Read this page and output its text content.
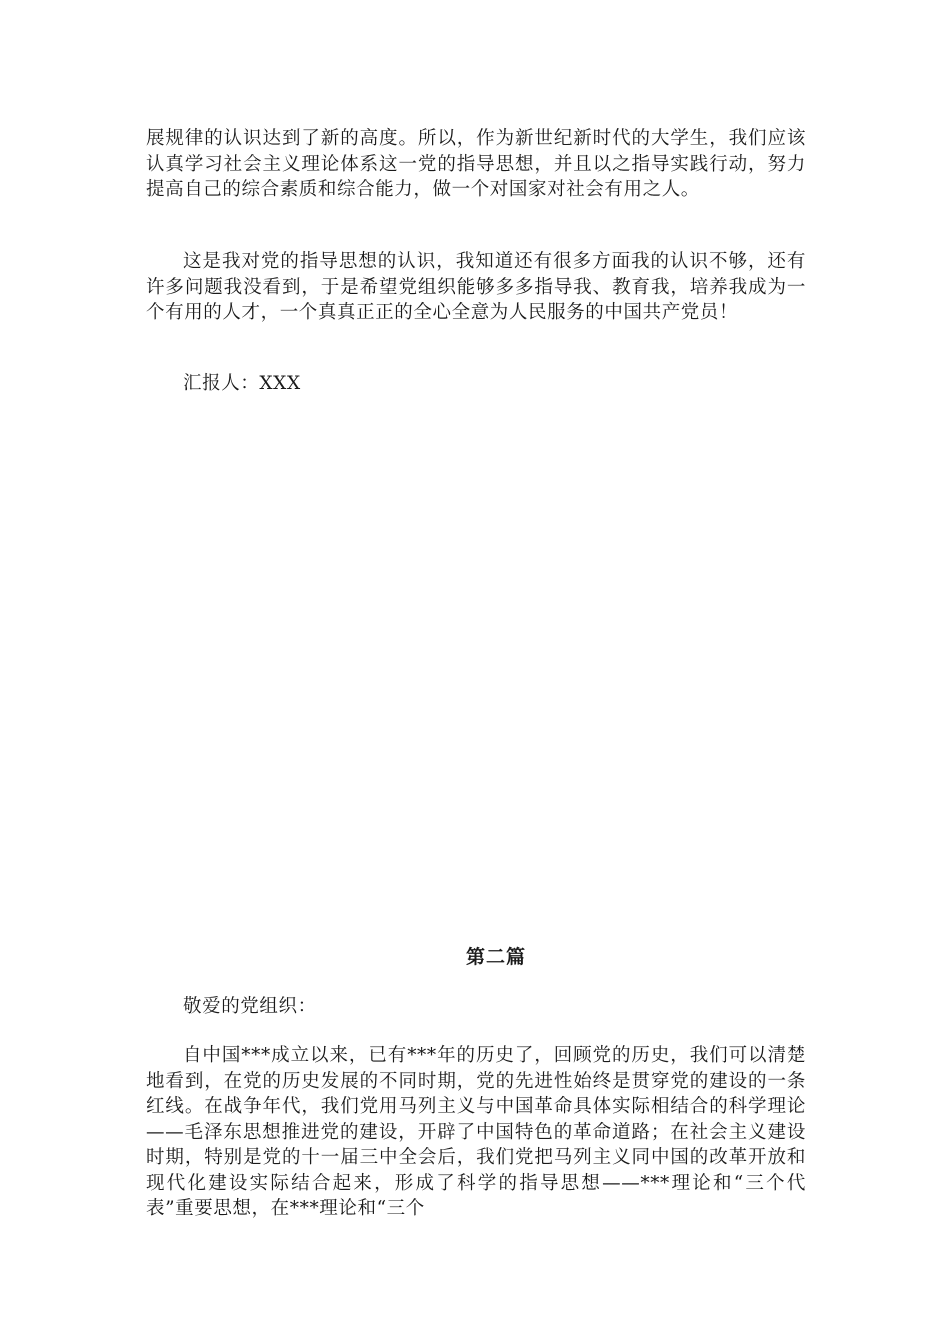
展规律的认识达到了新的高度。所以，作为新世纪新时代的大学生，我们应该认真学习社会主义理论体系这一党的指导思想，并且以之指导实践行动，努力提高自己的综合素质和综合能力，做一个对国家对社会有用之人。

这是我对党的指导思想的认识，我知道还有很多方面我的认识不够，还有许多问题我没看到，于是希望党组织能够多多指导我、教育我，培养我成为一个有用的人才，一个真真正正的全心全意为人民服务的中国共产党员！

汇报人：XXX

第二篇

敬爱的党组织：

自中国***成立以来，已有***年的历史了，回顾党的历史，我们可以清楚地看到，在党的历史发展的不同时期，党的先进性始终是贯穿党的建设的一条红线。在战争年代，我们党用马列主义与中国革命具体实际相结合的科学理论——毛泽东思想推进党的建设，开辟了中国特色的革命道路；在社会主义建设时期，特别是党的十一届三中全会后，我们党把马列主义同中国的改革开放和现代化建设实际结合起来，形成了科学的指导思想——***理论和“三个代表”重要思想，在***理论和“三个
